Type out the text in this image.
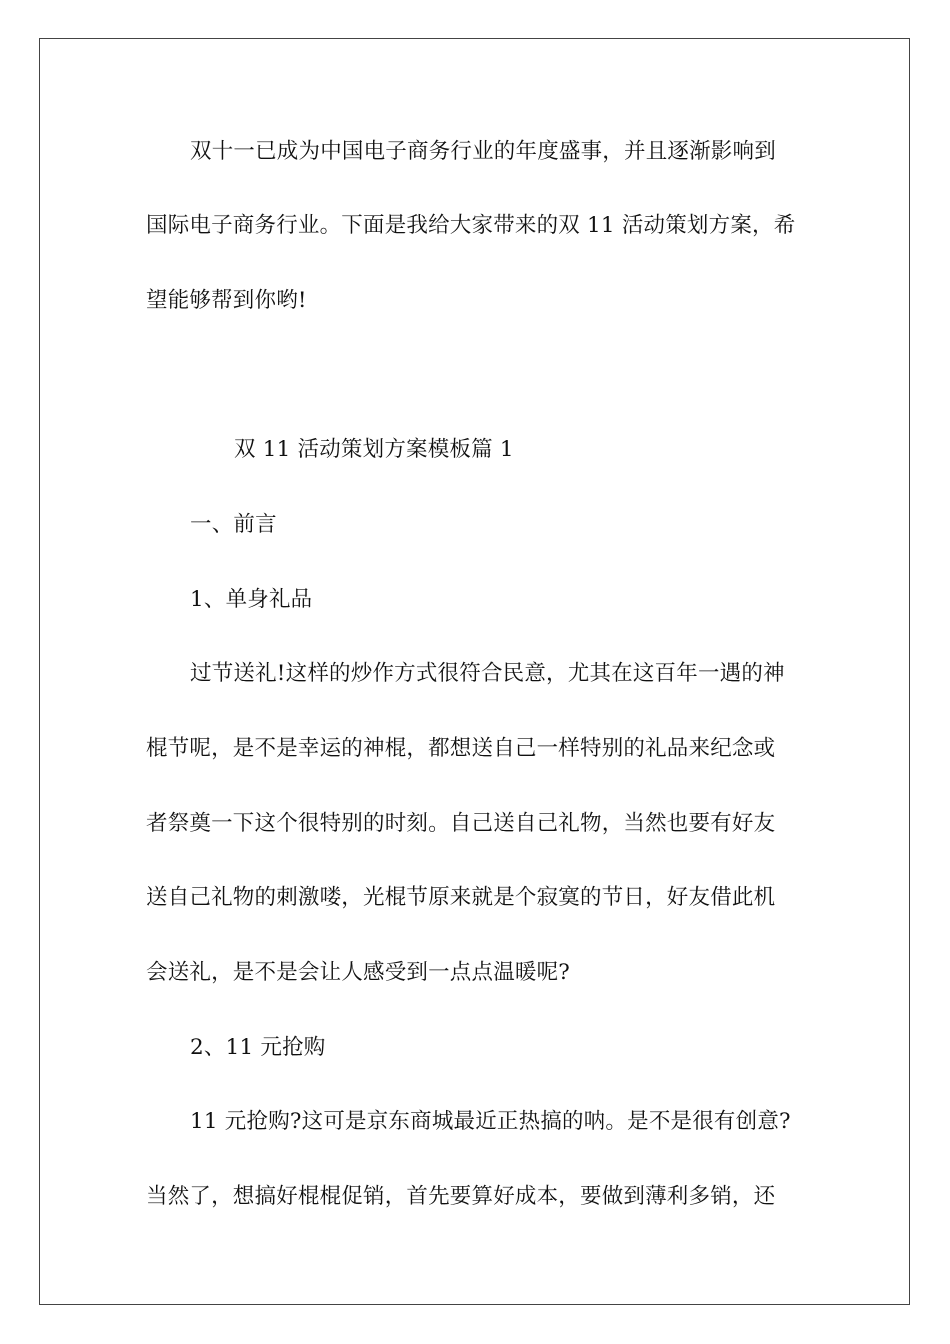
双十一已成为中国电子商务行业的年度盛事，并且逐渐影响到
国际电子商务行业。下面是我给大家带来的双 11 活动策划方案，希
望能够帮到你哟!
双 11 活动策划方案模板篇 1
一、前言
1、单身礼品
过节送礼!这样的炒作方式很符合民意，尤其在这百年一遇的神
棍节呢，是不是幸运的神棍，都想送自己一样特别的礼品来纪念或
者祭奠一下这个很特别的时刻。自己送自己礼物，当然也要有好友
送自己礼物的刺激喽，光棍节原来就是个寂寞的节日，好友借此机
会送礼，是不是会让人感受到一点点温暖呢?
2、11 元抢购
11 元抢购?这可是京东商城最近正热搞的呐。是不是很有创意?
当然了，想搞好棍棍促销，首先要算好成本，要做到薄利多销，还
